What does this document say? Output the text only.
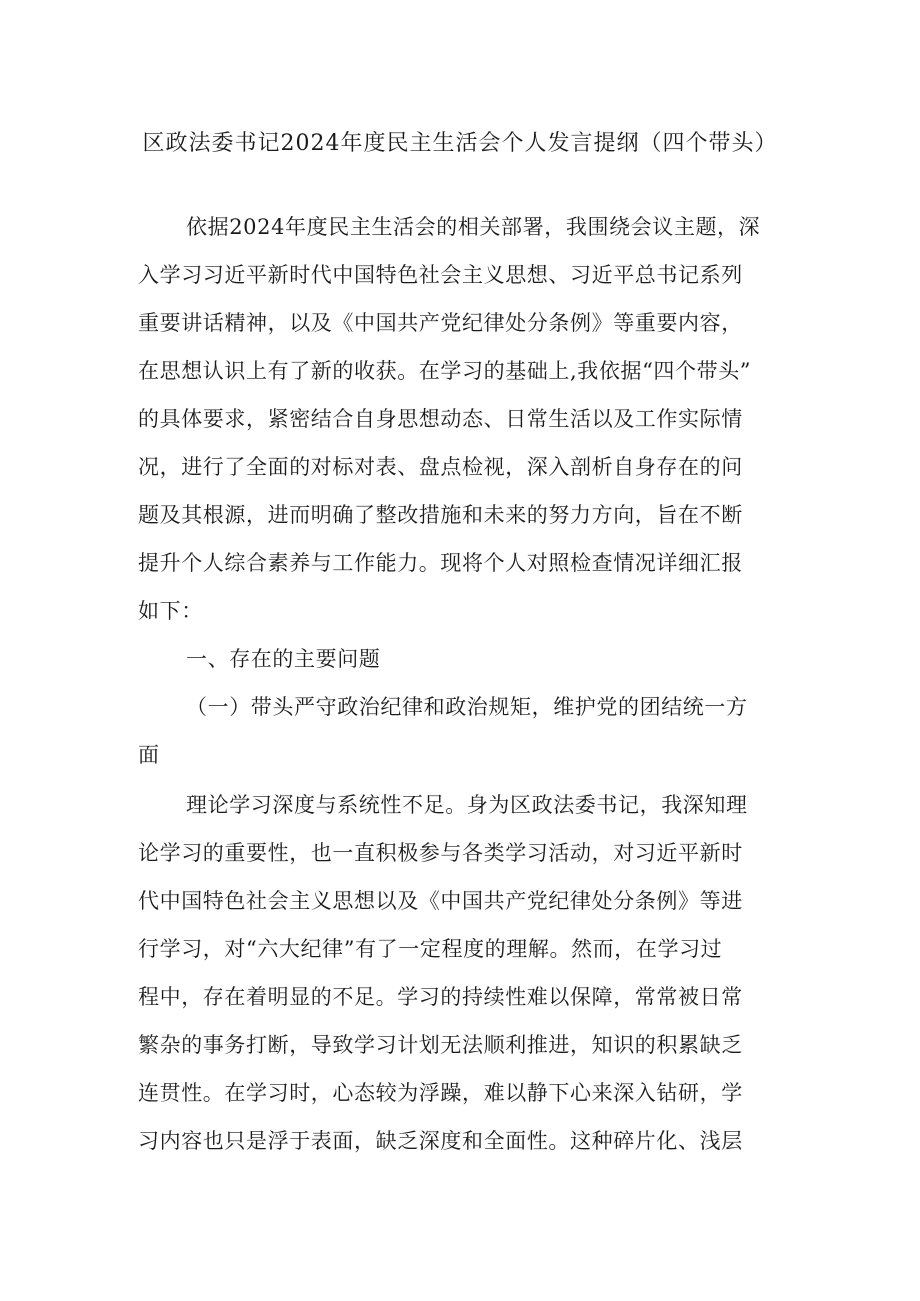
区政法委书记2024年度民主生活会个人发言提纲（四个带头）
依据2024年度民主生活会的相关部署，我围绕会议主题，深
入学习习近平新时代中国特色社会主义思想、习近平总书记系列
重要讲话精神，以及《中国共产党纪律处分条例》等重要内容，
在思想认识上有了新的收获。在学习的基础上,我依据“四个带头”
的具体要求，紧密结合自身思想动态、日常生活以及工作实际情
况，进行了全面的对标对表、盘点检视，深入剖析自身存在的问
题及其根源，进而明确了整改措施和未来的努力方向，旨在不断
提升个人综合素养与工作能力。现将个人对照检查情况详细汇报
如下：
一、存在的主要问题
（一）带头严守政治纪律和政治规矩，维护党的团结统一方
面
理论学习深度与系统性不足。身为区政法委书记，我深知理
论学习的重要性，也一直积极参与各类学习活动，对习近平新时
代中国特色社会主义思想以及《中国共产党纪律处分条例》等进
行学习，对“六大纪律”有了一定程度的理解。然而，在学习过
程中，存在着明显的不足。学习的持续性难以保障，常常被日常
繁杂的事务打断，导致学习计划无法顺利推进，知识的积累缺乏
连贯性。在学习时，心态较为浮躁，难以静下心来深入钻研，学
习内容也只是浮于表面，缺乏深度和全面性。这种碎片化、浅层
